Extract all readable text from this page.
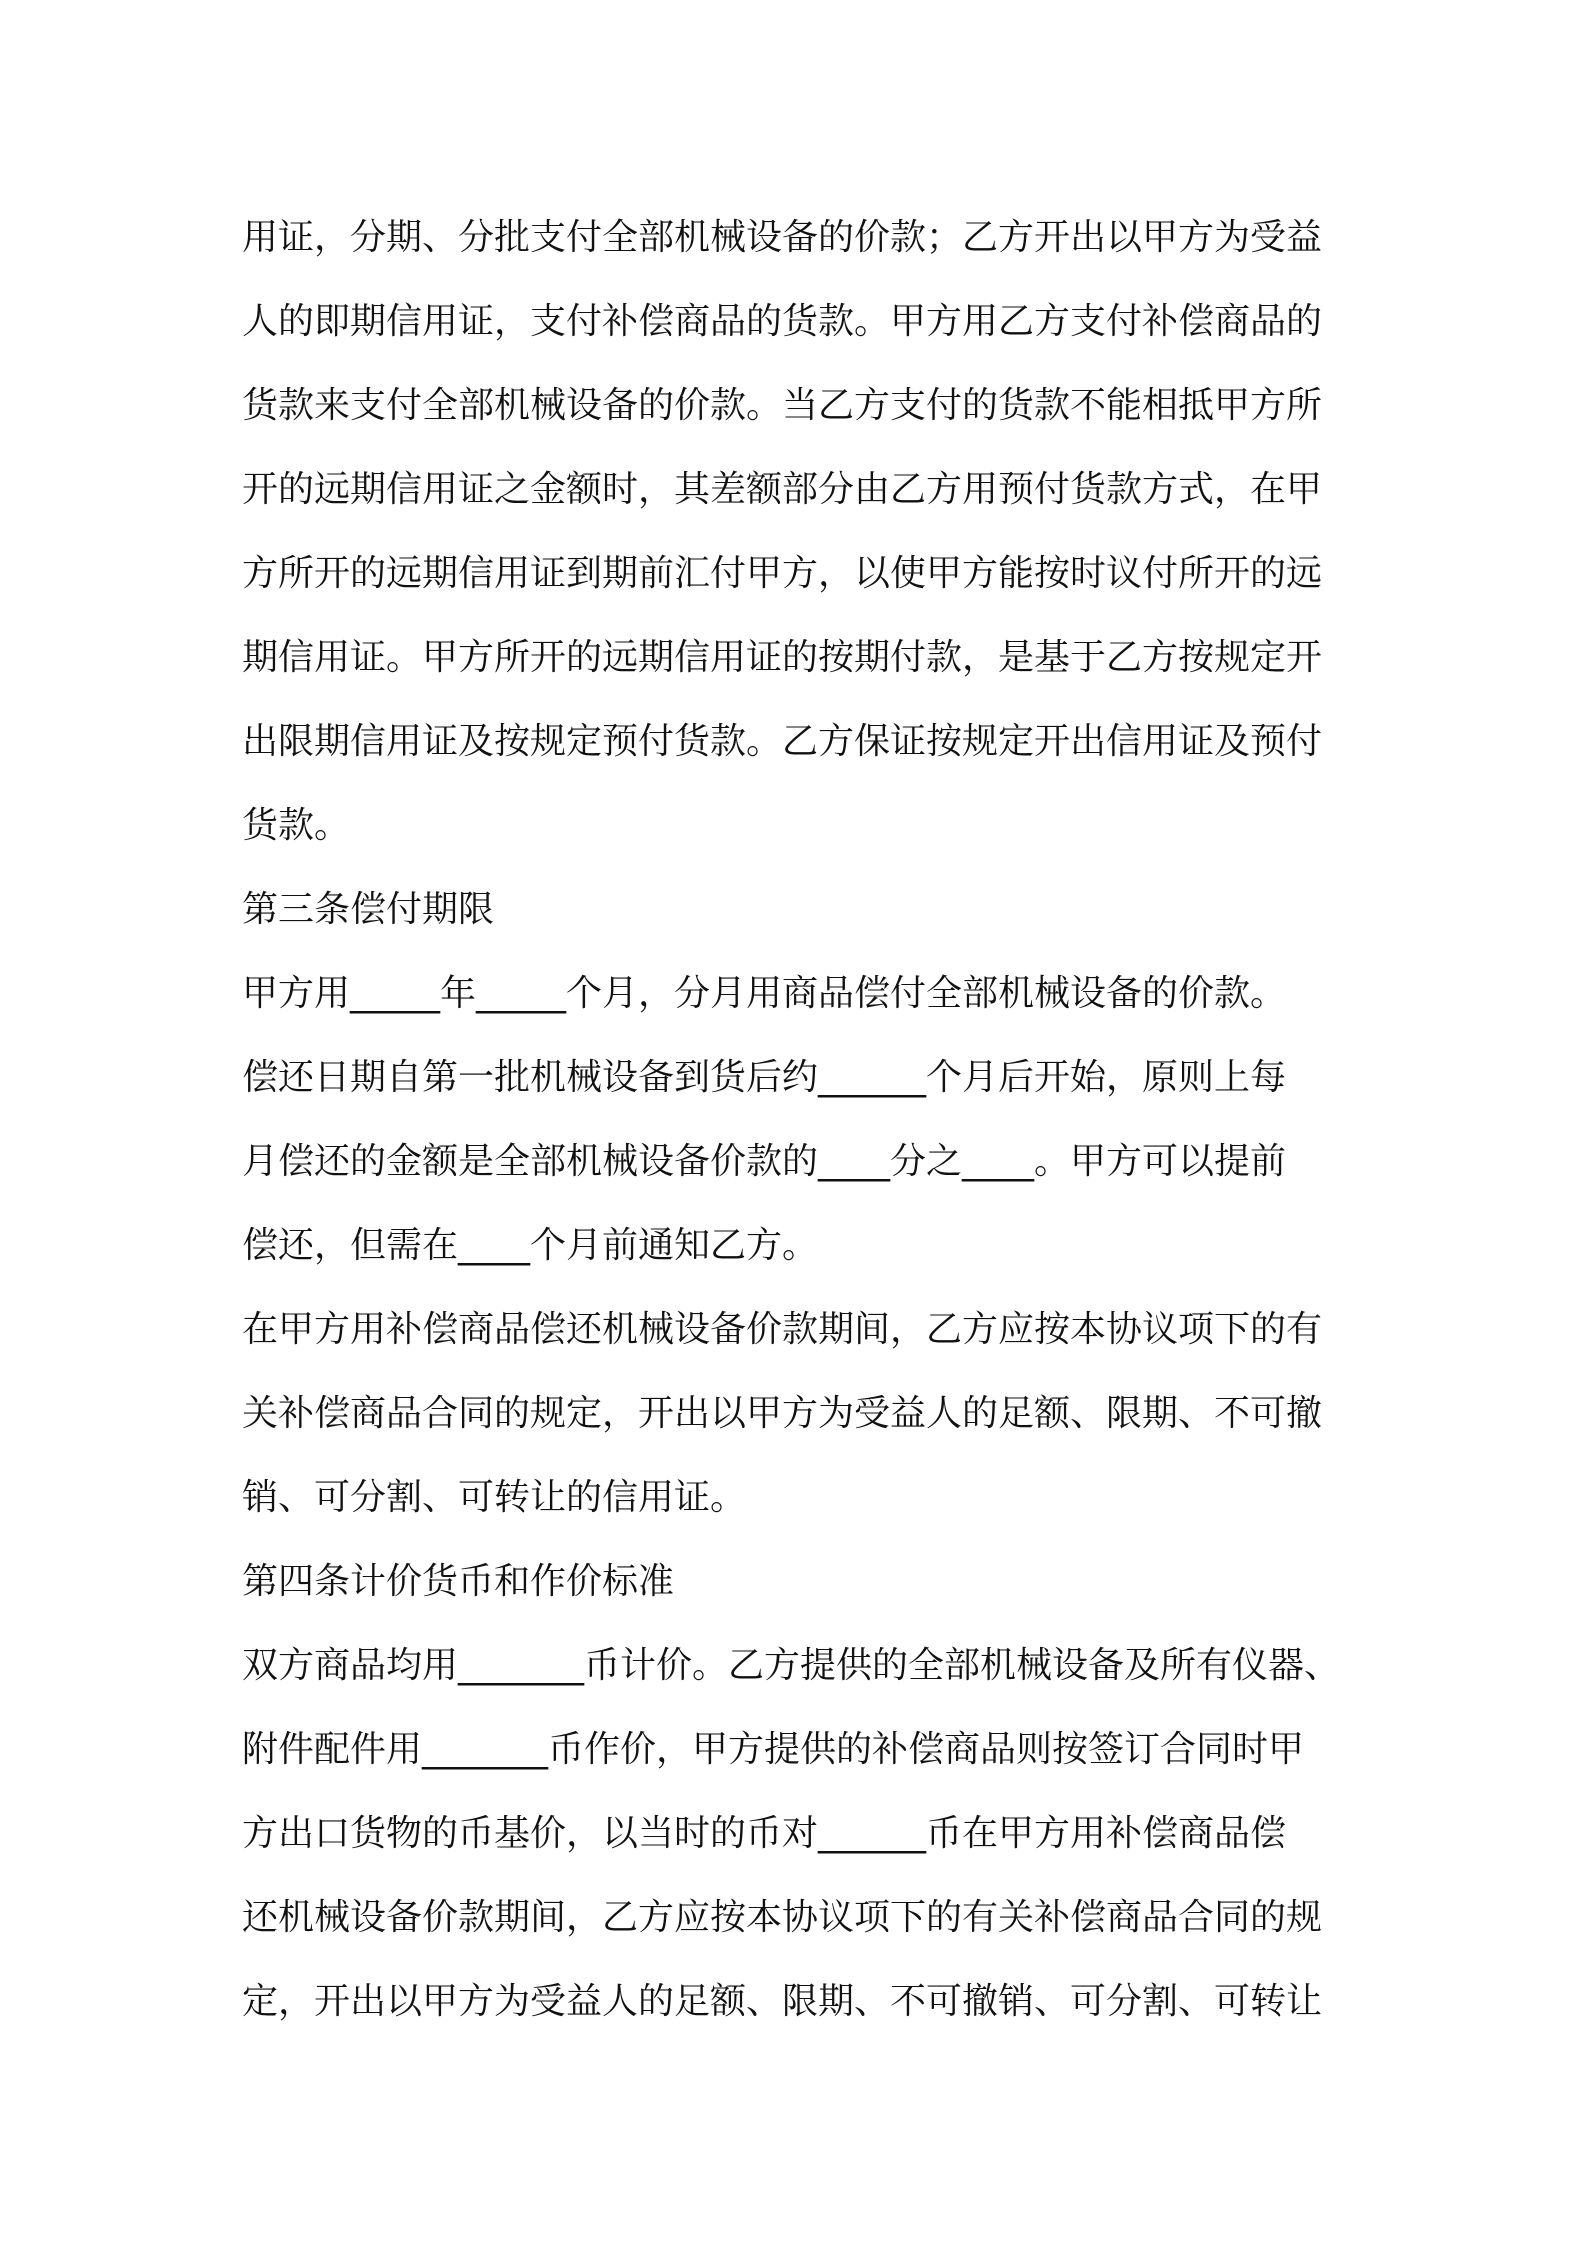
用证，分期、分批支付全部机械设备的价款；乙方开出以甲方为受益
人的即期信用证，支付补偿商品的货款。甲方用乙方支付补偿商品的
货款来支付全部机械设备的价款。当乙方支付的货款不能相抵甲方所
开的远期信用证之金额时，其差额部分由乙方用预付货款方式，在甲
方所开的远期信用证到期前汇付甲方，以使甲方能按时议付所开的远
期信用证。甲方所开的远期信用证的按期付款，是基于乙方按规定开
出限期信用证及按规定预付货款。乙方保证按规定开出信用证及预付
货款。
第三条偿付期限
甲方用_____年_____个月，分月用商品偿付全部机械设备的价款。
偿还日期自第一批机械设备到货后约______个月后开始，原则上每
月偿还的金额是全部机械设备价款的____分之____。甲方可以提前
偿还，但需在____个月前通知乙方。
在甲方用补偿商品偿还机械设备价款期间，乙方应按本协议项下的有
关补偿商品合同的规定，开出以甲方为受益人的足额、限期、不可撤
销、可分割、可转让的信用证。
第四条计价货币和作价标准
双方商品均用_______币计价。乙方提供的全部机械设备及所有仪器、
附件配件用_______币作价，甲方提供的补偿商品则按签订合同时甲
方出口货物的币基价，以当时的币对______币在甲方用补偿商品偿
还机械设备价款期间，乙方应按本协议项下的有关补偿商品合同的规
定，开出以甲方为受益人的足额、限期、不可撤销、可分割、可转让
